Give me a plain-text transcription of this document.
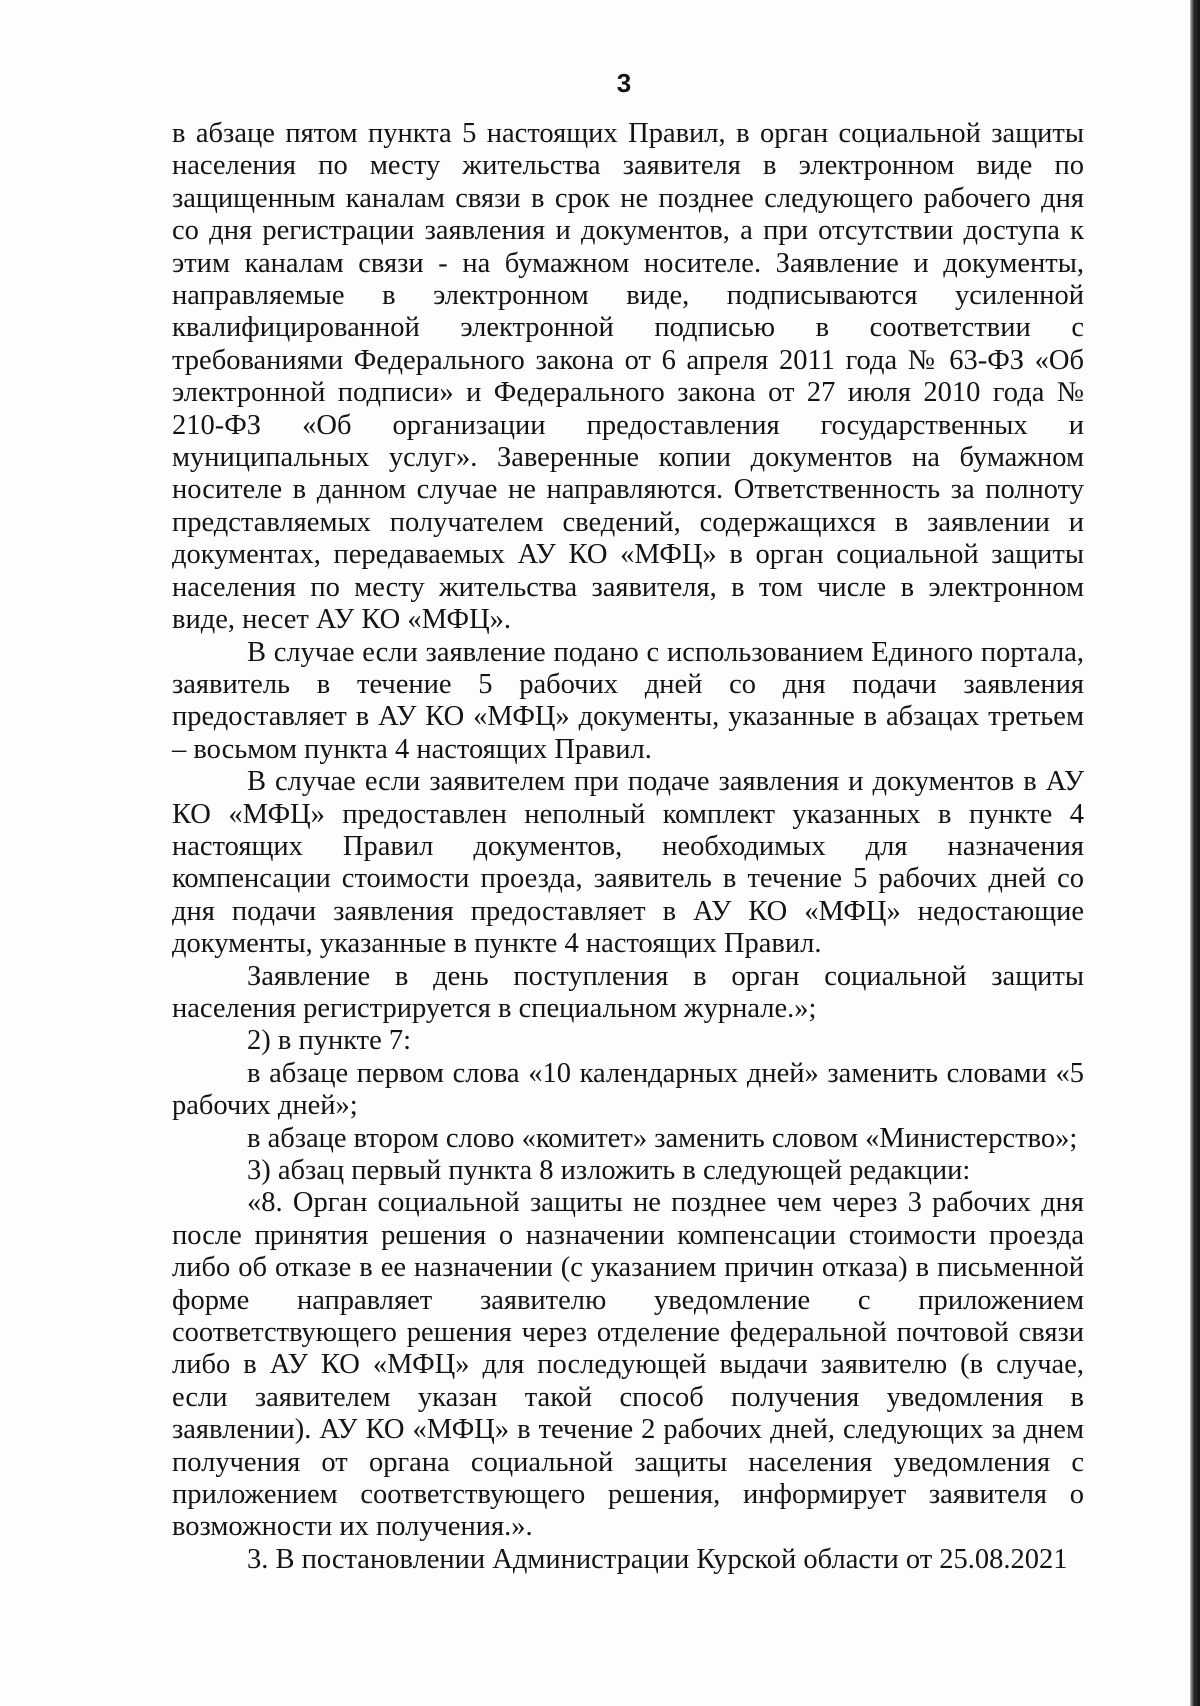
3

в абзаце пятом пункта 5 настоящих Правил, в орган социальной защиты населения по месту жительства заявителя в электронном виде по защищенным каналам связи в срок не позднее следующего рабочего дня со дня регистрации заявления и документов, а при отсутствии доступа к этим каналам связи - на бумажном носителе. Заявление и документы, направляемые в электронном виде, подписываются усиленной квалифицированной электронной подписью в соответствии с требованиями Федерального закона от 6 апреля 2011 года № 63-ФЗ «Об электронной подписи» и Федерального закона от 27 июля 2010 года № 210-ФЗ «Об организации предоставления государственных и муниципальных услуг». Заверенные копии документов на бумажном носителе в данном случае не направляются. Ответственность за полноту представляемых получателем сведений, содержащихся в заявлении и документах, передаваемых АУ КО «МФЦ» в орган социальной защиты населения по месту жительства заявителя, в том числе в электронном виде, несет АУ КО «МФЦ».

В случае если заявление подано с использованием Единого портала, заявитель в течение 5 рабочих дней со дня подачи заявления предоставляет в АУ КО «МФЦ» документы, указанные в абзацах третьем – восьмом пункта 4 настоящих Правил.

В случае если заявителем при подаче заявления и документов в АУ КО «МФЦ» предоставлен неполный комплект указанных в пункте 4 настоящих Правил документов, необходимых для назначения компенсации стоимости проезда, заявитель в течение 5 рабочих дней со дня подачи заявления предоставляет в АУ КО «МФЦ» недостающие документы, указанные в пункте 4 настоящих Правил.

Заявление в день поступления в орган социальной защиты населения регистрируется в специальном журнале.»;

2) в пункте 7:

в абзаце первом слова «10 календарных дней» заменить словами «5 рабочих дней»;

в абзаце втором слово «комитет» заменить словом «Министерство»;

3) абзац первый пункта 8 изложить в следующей редакции:

«8. Орган социальной защиты не позднее чем через 3 рабочих дня после принятия решения о назначении компенсации стоимости проезда либо об отказе в ее назначении (с указанием причин отказа) в письменной форме направляет заявителю уведомление с приложением соответствующего решения через отделение федеральной почтовой связи либо в АУ КО «МФЦ» для последующей выдачи заявителю (в случае, если заявителем указан такой способ получения уведомления в заявлении). АУ КО «МФЦ» в течение 2 рабочих дней, следующих за днем получения от органа социальной защиты населения уведомления с приложением соответствующего решения, информирует заявителя о возможности их получения.».

3. В постановлении Администрации Курской области от 25.08.2021
